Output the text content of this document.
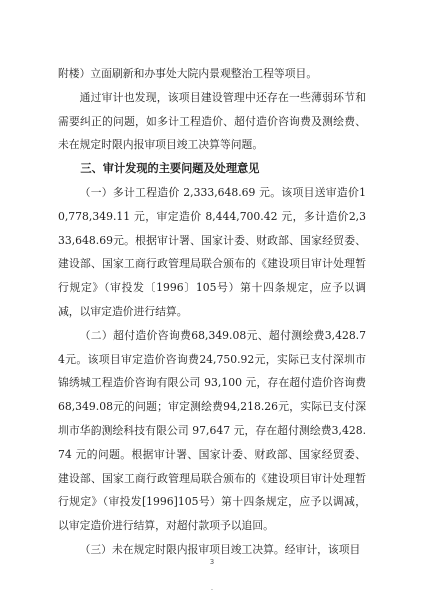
附楼）立面刷新和办事处大院内景观整治工程等项目。

通过审计也发现，该项目建设管理中还存在一些薄弱环节和需要纠正的问题，如多计工程造价、超付造价咨询费及测绘费、未在规定时限内报审项目竣工决算等问题。

三、审计发现的主要问题及处理意见

（一）多计工程造价 2,333,648.69 元。该项目送审造价10,778,349.11 元，审定造价 8,444,700.42 元，多计造价2,333,648.69元。根据审计署、国家计委、财政部、国家经贸委、建设部、国家工商行政管理局联合颁布的《建设项目审计处理暂行规定》（审投发〔1996〕105号）第十四条规定，应予以调减，以审定造价进行结算。

（二）超付造价咨询费68,349.08元、超付测绘费3,428.74元。该项目审定造价咨询费24,750.92元，实际已支付深圳市锦绣城工程造价咨询有限公司 93,100 元，存在超付造价咨询费68,349.08元的问题；审定测绘费94,218.26元，实际已支付深圳市华韵测绘科技有限公司 97,647 元，存在超付测绘费3,428.74 元的问题。根据审计署、国家计委、财政部、国家经贸委、建设部、国家工商行政管理局联合颁布的《建设项目审计处理暂行规定》（审投发[1996]105号）第十四条规定，应予以调减，以审定造价进行结算，对超付款项予以追回。

（三）未在规定时限内报审项目竣工决算。经审计，该项目

3
-
